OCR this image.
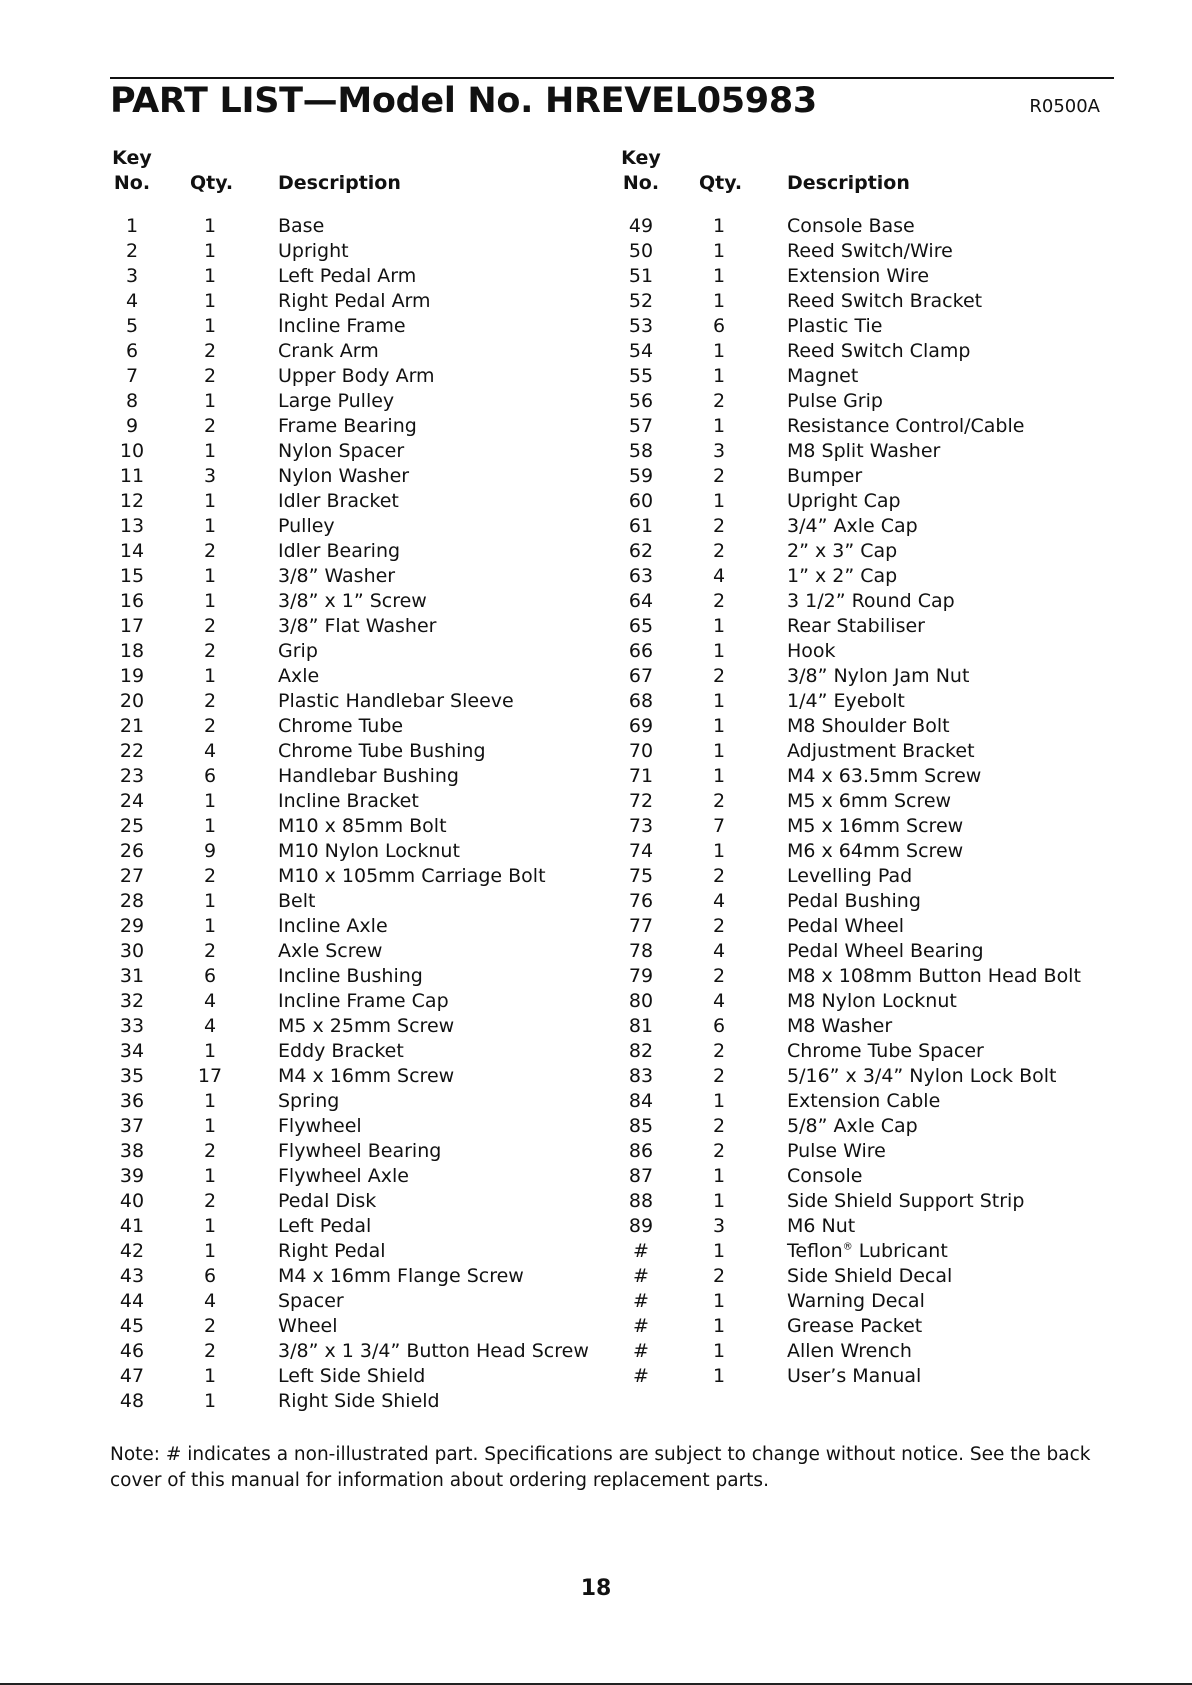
PART LIST—Model No. HREVEL05983	R0500A
Key
No. Qty. Description
Key
No. Qty. Description
1	1	Base
2	1	Upright
3	1	Left Pedal Arm
4	1	Right Pedal Arm
5	1	Incline Frame
6	2	Crank Arm
7	2	Upper Body Arm
8	1	Large Pulley
9	2	Frame Bearing
10	1	Nylon Spacer
11	3	Nylon Washer
12	1	Idler Bracket
13	1	Pulley
14	2	Idler Bearing
15	1	3/8” Washer
16	1	3/8” x 1” Screw
17	2	3/8” Flat Washer
18	2	Grip
19	1	Axle
20	2	Plastic Handlebar Sleeve
21	2	Chrome Tube
22	4	Chrome Tube Bushing
23	6	Handlebar Bushing
24	1	Incline Bracket
25	1	M10 x 85mm Bolt
26	9	M10 Nylon Locknut
27	2	M10 x 105mm Carriage Bolt
28	1	Belt
29	1	Incline Axle
30	2	Axle Screw
31	6	Incline Bushing
32	4	Incline Frame Cap
33	4	M5 x 25mm Screw
34	1	Eddy Bracket
35	17	M4 x 16mm Screw
36	1	Spring
37	1	Flywheel
38	2	Flywheel Bearing
39	1	Flywheel Axle
40	2	Pedal Disk
41	1	Left Pedal
42	1	Right Pedal
43	6	M4 x 16mm Flange Screw
44	4	Spacer
45	2	Wheel
46	2	3/8” x 1 3/4” Button Head Screw
47	1	Left Side Shield
48	1	Right Side Shield
49	1	Console Base
50	1	Reed Switch/Wire
51	1	Extension Wire
52	1	Reed Switch Bracket
53	6	Plastic Tie
54	1	Reed Switch Clamp
55	1	Magnet
56	2	Pulse Grip
57	1	Resistance Control/Cable
58	3	M8 Split Washer
59	2	Bumper
60	1	Upright Cap
61	2	3/4” Axle Cap
62	2	2” x 3” Cap
63	4	1” x 2” Cap
64	2	3 1/2” Round Cap
65	1	Rear Stabiliser
66	1	Hook
67	2	3/8” Nylon Jam Nut
68	1	1/4” Eyebolt
69	1	M8 Shoulder Bolt
70	1	Adjustment Bracket
71	1	M4 x 63.5mm Screw
72	2	M5 x 6mm Screw
73	7	M5 x 16mm Screw
74	1	M6 x 64mm Screw
75	2	Levelling Pad
76	4	Pedal Bushing
77	2	Pedal Wheel
78	4	Pedal Wheel Bearing
79	2	M8 x 108mm Button Head Bolt
80	4	M8 Nylon Locknut
81	6	M8 Washer
82	2	Chrome Tube Spacer
83	2	5/16” x 3/4” Nylon Lock Bolt
84	1	Extension Cable
85	2	5/8” Axle Cap
86	2	Pulse Wire
87	1	Console
88	1	Side Shield Support Strip
89	3	M6 Nut
#	1	Teflon® Lubricant
#	2	Side Shield Decal
#	1	Warning Decal
#	1	Grease Packet
#	1	Allen Wrench
#	1	User’s Manual
Note: # indicates a non-illustrated part. Specifications are subject to change without notice. See the back cover of this manual for information about ordering replacement parts.
18
